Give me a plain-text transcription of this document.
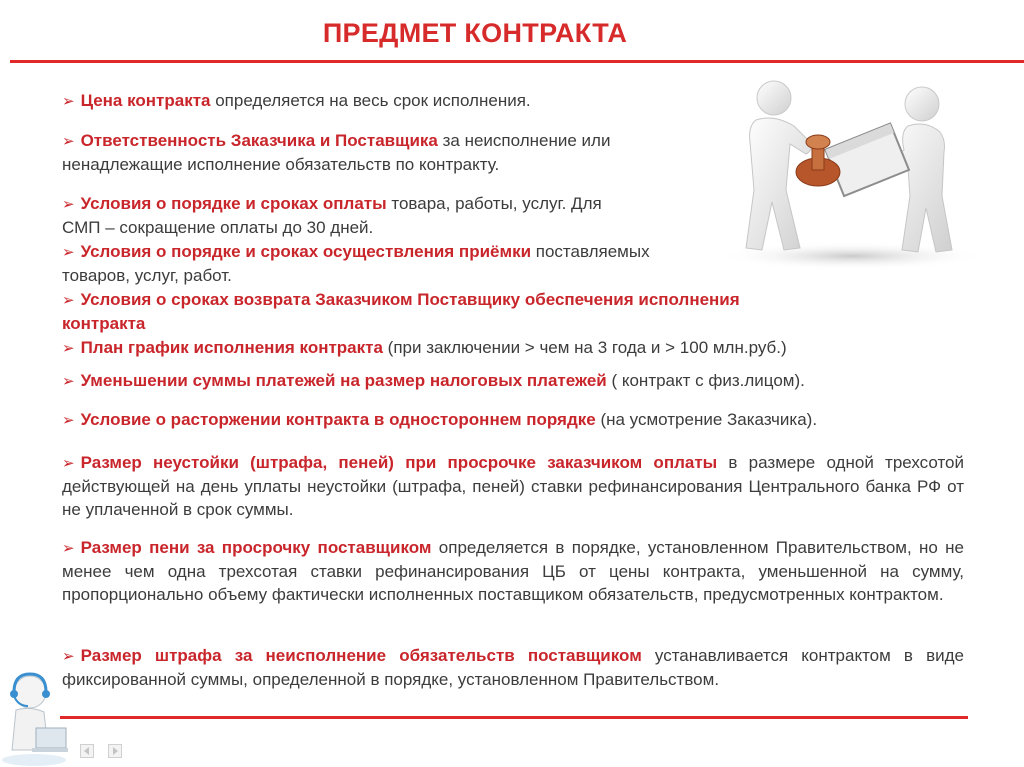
ПРЕДМЕТ КОНТРАКТА
➢ Цена контракта определяется на весь срок исполнения.
➢ Ответственность Заказчика и Поставщика за неисполнение или ненадлежащие исполнение обязательств по контракту.
➢ Условия о порядке и сроках оплаты товара, работы, услуг. Для СМП – сокращение оплаты до 30 дней.
➢ Условия о порядке и сроках осуществления приёмки поставляемых товаров, услуг, работ.
➢ Условия о сроках возврата Заказчиком Поставщику обеспечения исполнения контракта
➢ План график исполнения контракта (при заключении > чем на 3 года и > 100 млн.руб.)
➢ Уменьшении суммы платежей на размер налоговых платежей ( контракт с физ.лицом).
➢ Условие о расторжении контракта в одностороннем порядке (на усмотрение Заказчика).
➢ Размер неустойки (штрафа, пеней) при просрочке заказчиком оплаты в размере одной трехсотой действующей на день уплаты неустойки (штрафа, пеней) ставки рефинансирования Центрального банка РФ от не уплаченной в срок суммы.
➢ Размер пени за просрочку поставщиком определяется в порядке, установленном Правительством, но не менее чем одна трехсотая ставки рефинансирования ЦБ от цены контракта, уменьшенной на сумму, пропорционально объему фактически исполненных поставщиком обязательств, предусмотренных контрактом.
➢ Размер штрафа за неисполнение обязательств поставщиком устанавливается контрактом в виде фиксированной суммы, определенной в порядке, установленном Правительством.
